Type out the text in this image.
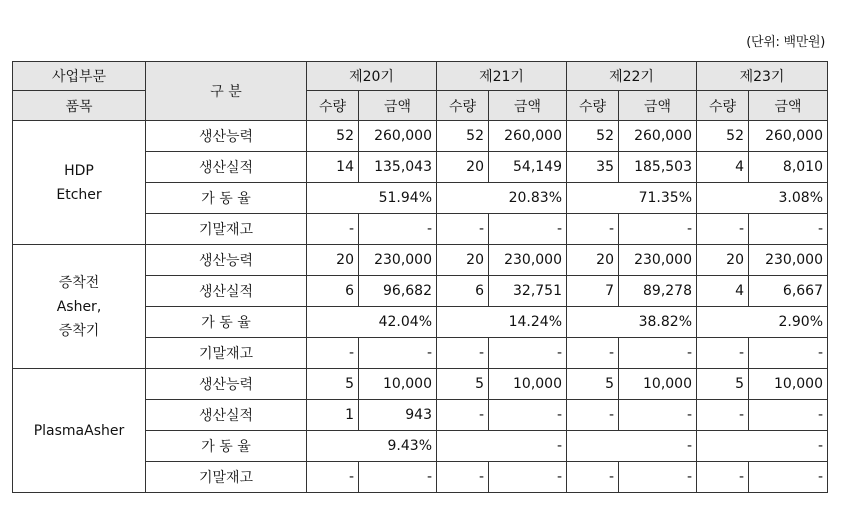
(단위: 백만원)
사업부문	구 분	제20기		제21기		제22기		제23기	
품목		수량	금액	수량	금액	수량	금액	수량	금액

HDP
Etcher	생산능력	52	260,000	52	260,000	52	260,000	52	260,000
	생산실적	14	135,043	20	54,149	35	185,503	4	8,010
	가 동 율	51.94%		20.83%		71.35%		3.08%	
	기말재고	-	-	-	-	-	-	-	-

증착전
Asher,
증착기	생산능력	20	230,000	20	230,000	20	230,000	20	230,000
	생산실적	6	96,682	6	32,751	7	89,278	4	6,667
	가 동 율	42.04%		14.24%		38.82%		2.90%	
	기말재고	-	-	-	-	-	-	-	-

PlasmaAsher	생산능력	5	10,000	5	10,000	5	10,000	5	10,000
	생산실적	1	943	-	-	-	-	-	-
	가 동 율	9.43%		-		-		-	
	기말재고	-	-	-	-	-	-	-	-
